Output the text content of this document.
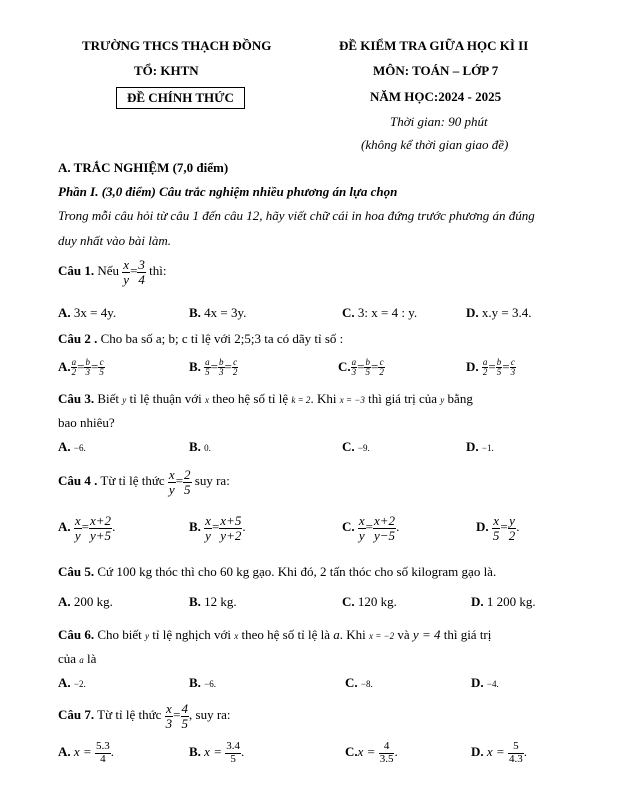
TRƯỜNG THCS THẠCH ĐỒNG
TỔ: KHTN
ĐỀ CHÍNH THỨC
ĐỀ KIỂM TRA GIỮA HỌC KÌ II
MÔN: TOÁN – LỚP 7
NĂM HỌC:2024 - 2025
Thời gian: 90 phút
(không kể thời gian giao đề)
A. TRẮC NGHIỆM (7,0 điểm)
Phần I. (3,0 điểm) Câu trắc nghiệm nhiều phương án lựa chọn
Trong mỗi câu hỏi từ câu 1 đến câu 12, hãy viết chữ cái in hoa đứng trước phương án đúng
duy nhất vào bài làm.
Câu 1. Nếu $\frac{x}{y} = \frac{3}{4}$ thì:
A. 3x = 4y.	B. 4x = 3y.	C. 3: x = 4 : y.	D. x.y = 3.4.
Câu 2 . Cho ba số a; b; c tỉ lệ với 2;5;3 ta có dãy tỉ số :
A. $\frac{a}{2} = \frac{b}{3} = \frac{c}{5}$	B. $\frac{a}{5} = \frac{b}{3} = \frac{c}{2}$	C. $\frac{a}{3} = \frac{b}{5} = \frac{c}{2}$	D. $\frac{a}{2} = \frac{b}{5} = \frac{c}{3}$
Câu 3. Biết y tỉ lệ thuận với x theo hệ số tỉ lệ k = 2. Khi x = −3 thì giá trị của y bằng
bao nhiêu?
A. −6.	B. 0.	C. −9.	D. −1.
Câu 4 . Từ tỉ lệ thức $\frac{x}{y} = \frac{2}{5}$ suy ra:
A. $\frac{x}{y} = \frac{x+2}{y+5}$ .	B. $\frac{x}{y} = \frac{x+5}{y+2}$ .	C. $\frac{x}{y} = \frac{x+2}{y-5}$ .	D. $\frac{x}{5} = \frac{y}{2}$ .
Câu 5. Cứ 100 kg thóc thì cho 60 kg gạo. Khi đó, 2 tấn thóc cho số kilogram gạo là.
A. 200 kg.	B. 12 kg.	C. 120 kg.	D. 1 200 kg.
Câu 6. Cho biết y tỉ lệ nghịch với x theo hệ số tỉ lệ là a. Khi x = −2 và y = 4 thì giá trị
của a là
A. −2.	B. −6.	C. −8.	D. −4.
Câu 7. Từ tỉ lệ thức $\frac{x}{3} = \frac{4}{5}$ , suy ra:
A. $x = \frac{5.3}{4}$ .	B. $x = \frac{3.4}{5}$ .	$C.x = \frac{4}{3.5}$ .	D. $x = \frac{5}{4.3}$ .
